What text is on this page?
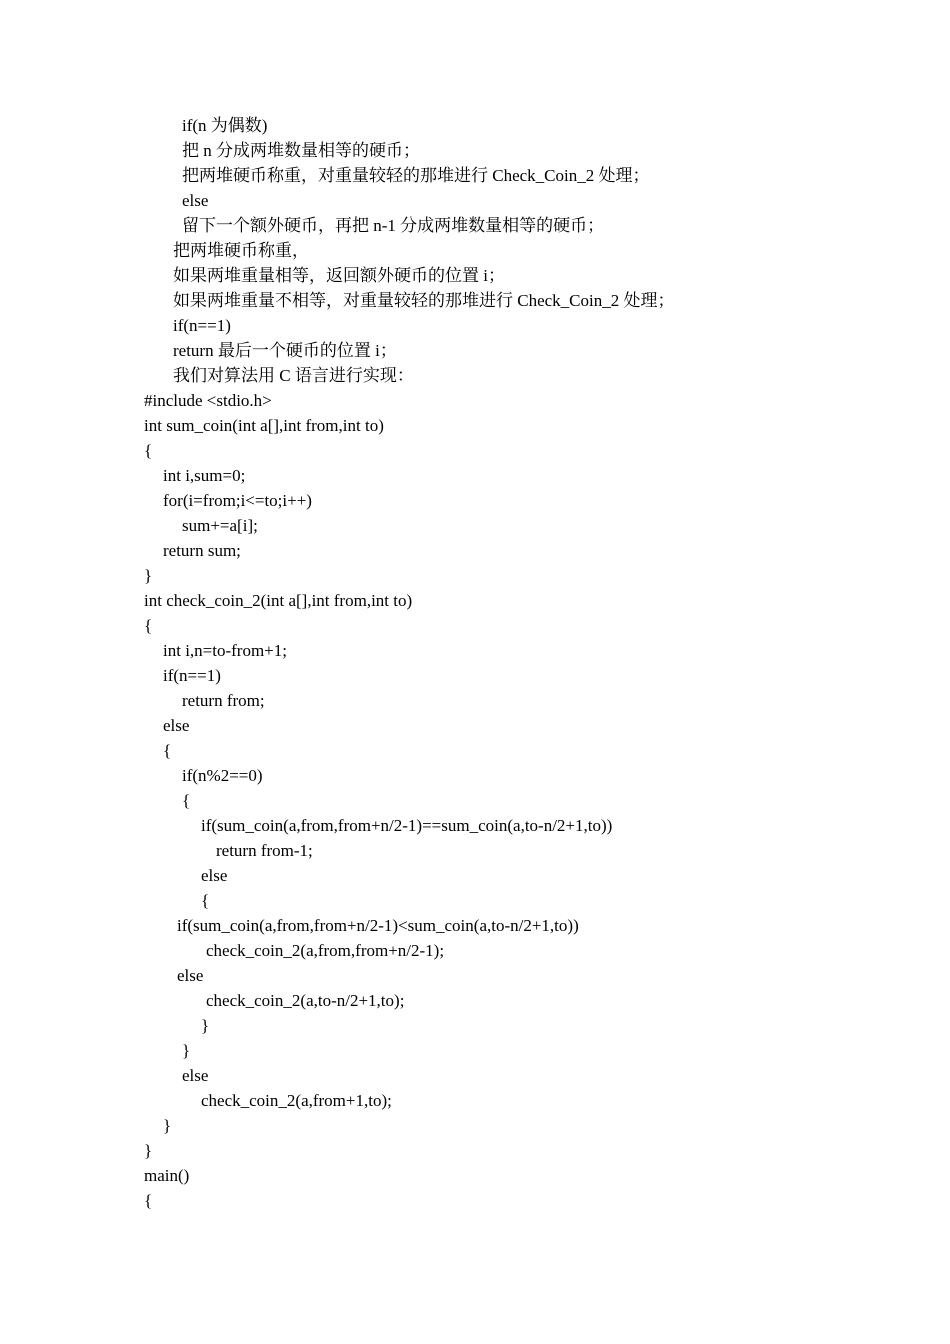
if(n 为偶数)
把 n 分成两堆数量相等的硬币；
把两堆硬币称重，对重量较轻的那堆进行 Check_Coin_2 处理；
else
留下一个额外硬币，再把 n-1 分成两堆数量相等的硬币；
把两堆硬币称重，
如果两堆重量相等，返回额外硬币的位置 i；
如果两堆重量不相等，对重量较轻的那堆进行 Check_Coin_2 处理；
if(n==1)
return 最后一个硬币的位置 i；
我们对算法用 C 语言进行实现：
#include <stdio.h>
int sum_coin(int a[],int from,int to)
{
int i,sum=0;
for(i=from;i<=to;i++)
sum+=a[i];
return sum;
}
int check_coin_2(int a[],int from,int to)
{
int i,n=to-from+1;
if(n==1)
return from;
else
{
if(n%2==0)
{
if(sum_coin(a,from,from+n/2-1)==sum_coin(a,to-n/2+1,to))
return from-1;
else
{
if(sum_coin(a,from,from+n/2-1)<sum_coin(a,to-n/2+1,to))
check_coin_2(a,from,from+n/2-1);
else
check_coin_2(a,to-n/2+1,to);
}
}
else
check_coin_2(a,from+1,to);
}
}
main()
{
